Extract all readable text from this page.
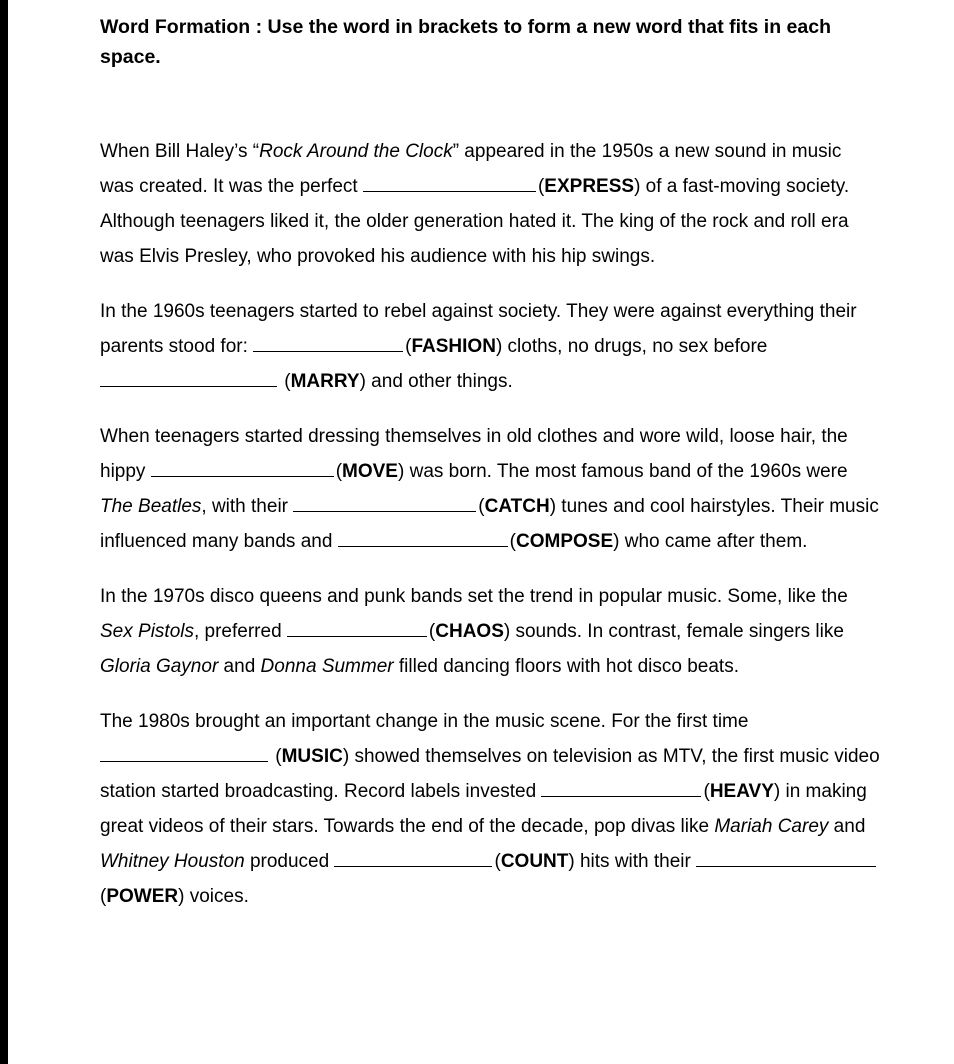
Word Formation : Use the word in brackets to form a new word that fits in each
space.

When Bill Haley’s “Rock Around the Clock” appeared in the 1950s a new sound in music
was created. It was the perfect	(EXPRESS) of a fast-moving society.
Although teenagers liked it, the older generation hated it. The king of the rock and roll era
was Elvis Presley, who provoked his audience with his hip swings.

In the 1960s teenagers started to rebel against society. They were against everything their
parents stood for:	(FASHION) cloths, no drugs, no sex before
(MARRY) and other things.

When teenagers started dressing themselves in old clothes and wore wild, loose hair, the
hippy	(MOVE) was born. The most famous band of the 1960s were
The Beatles, with their	(CATCH) tunes and cool hairstyles. Their music
influenced many bands and	(COMPOSE) who came after them.

In the 1970s disco queens and punk bands set the trend in popular music. Some, like the
Sex Pistols, preferred	(CHAOS) sounds. In contrast, female singers like
Gloria Gaynor and Donna Summer filled dancing floors with hot disco beats.

The 1980s brought an important change in the music scene. For the first time
(MUSIC) showed themselves on television as MTV, the first music video
station started broadcasting. Record labels invested	(HEAVY) in making
great videos of their stars. Towards the end of the decade, pop divas like Mariah Carey and
Whitney Houston produced	(COUNT) hits with their
(POWER) voices.
